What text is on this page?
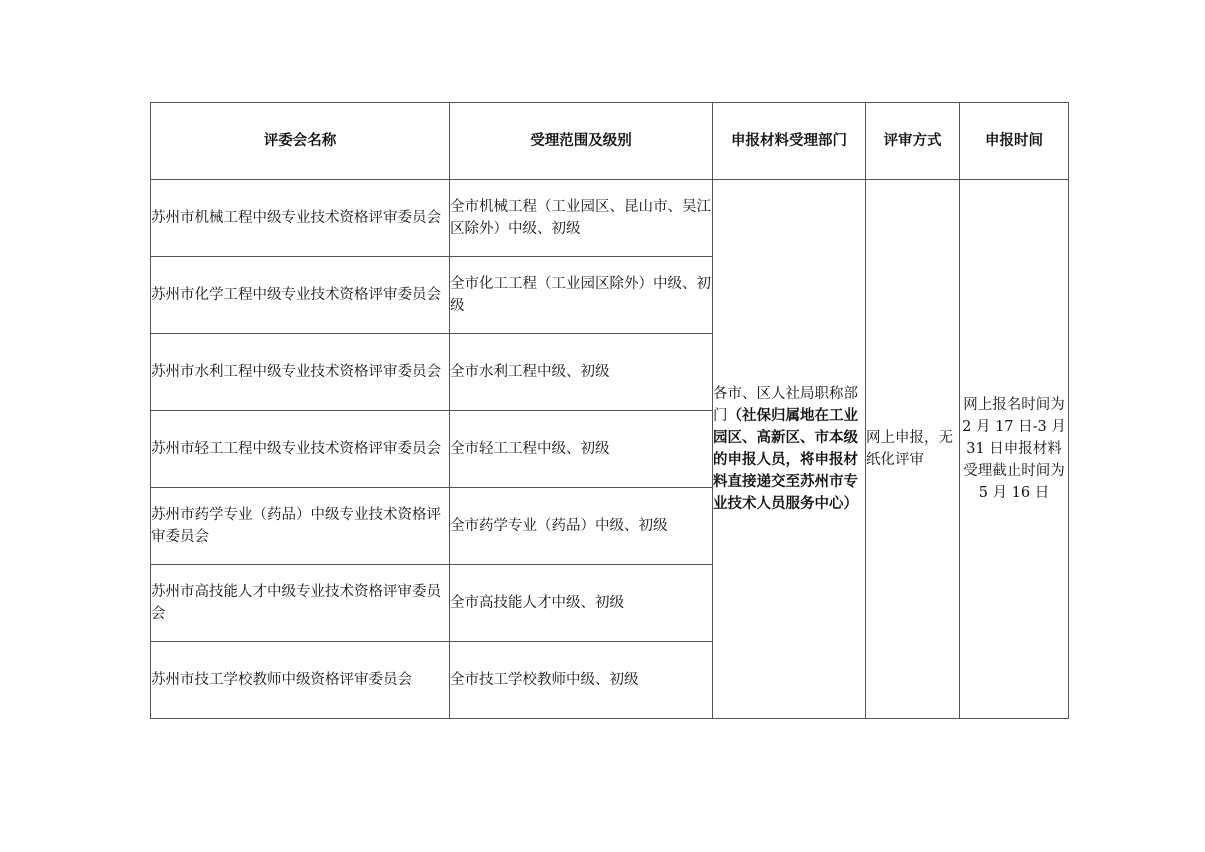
评委会名称	受理范围及级别	申报材料受理部门	评审方式	申报时间
苏州市机械工程中级专业技术资格评审委员会	全市机械工程（工业园区、昆山市、吴江区除外）中级、初级	各市、区人社局职称部门（社保归属地在工业园区、高新区、市本级的申报人员，将申报材料直接递交至苏州市专业技术人员服务中心）	网上申报，无纸化评审	网上报名时间为 2 月 17 日-3 月 31 日申报材料受理截止时间为 5 月 16 日
苏州市化学工程中级专业技术资格评审委员会	全市化工工程（工业园区除外）中级、初级			
苏州市水利工程中级专业技术资格评审委员会	全市水利工程中级、初级			
苏州市轻工工程中级专业技术资格评审委员会	全市轻工工程中级、初级			
苏州市药学专业（药品）中级专业技术资格评审委员会	全市药学专业（药品）中级、初级			
苏州市高技能人才中级专业技术资格评审委员会	全市高技能人才中级、初级			
苏州市技工学校教师中级资格评审委员会	全市技工学校教师中级、初级			
